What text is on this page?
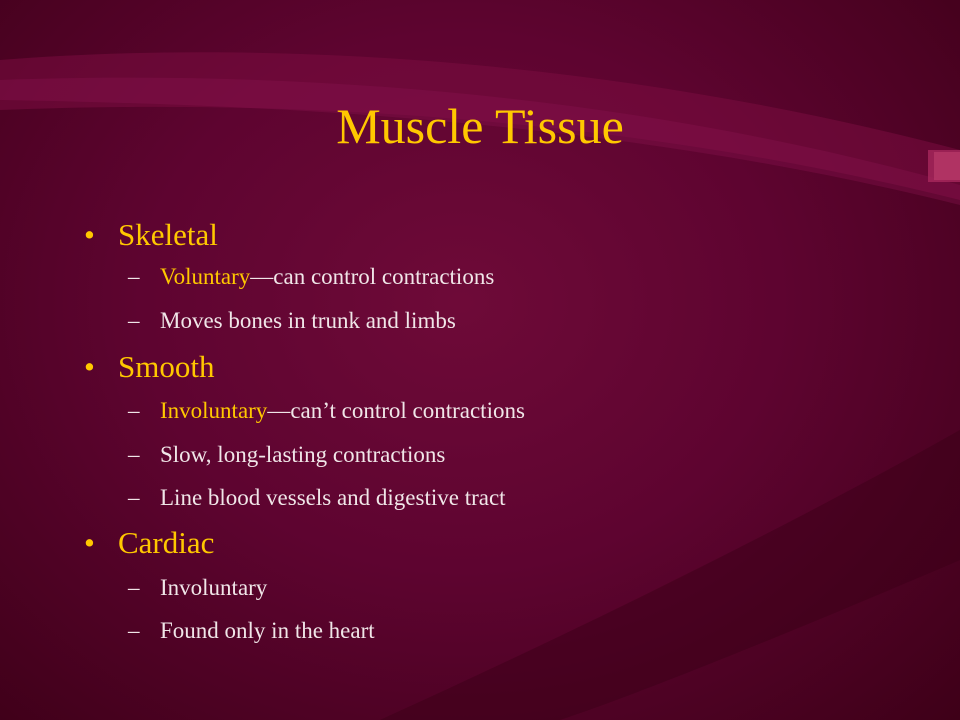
Muscle Tissue
• Skeletal
– Voluntary—can control contractions
– Moves bones in trunk and limbs
• Smooth
– Involuntary—can’t control contractions
– Slow, long-lasting contractions
– Line blood vessels and digestive tract
• Cardiac
– Involuntary
– Found only in the heart
